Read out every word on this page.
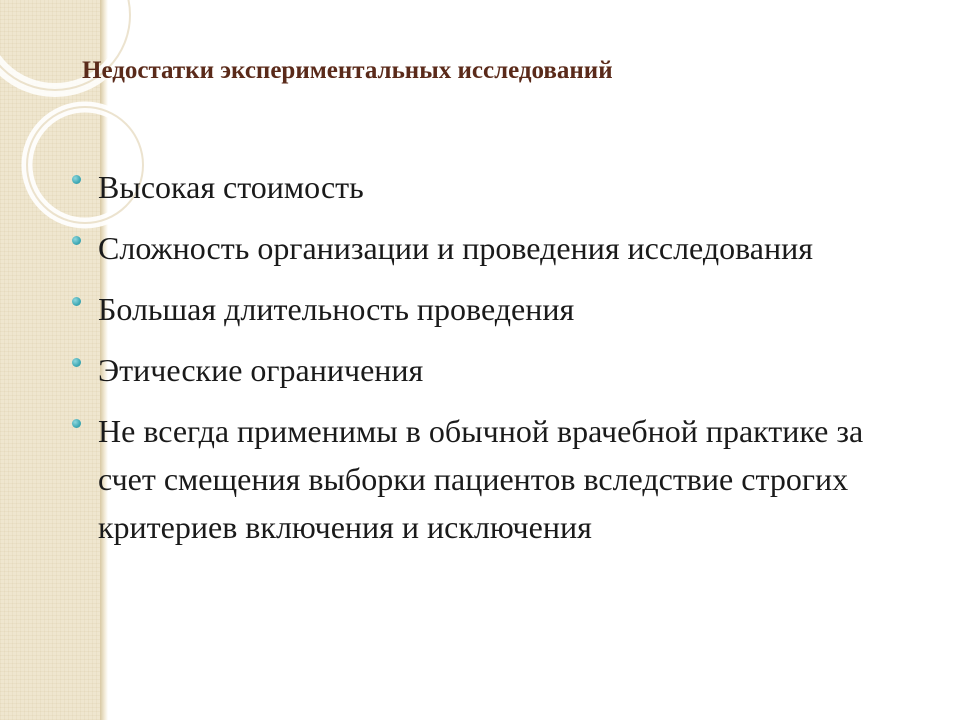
Недостатки экспериментальных исследований
Высокая стоимость
Сложность организации и проведения исследования
Большая длительность проведения
Этические ограничения
Не всегда применимы в обычной врачебной практике за счет смещения выборки пациентов вследствие строгих критериев включения и исключения
